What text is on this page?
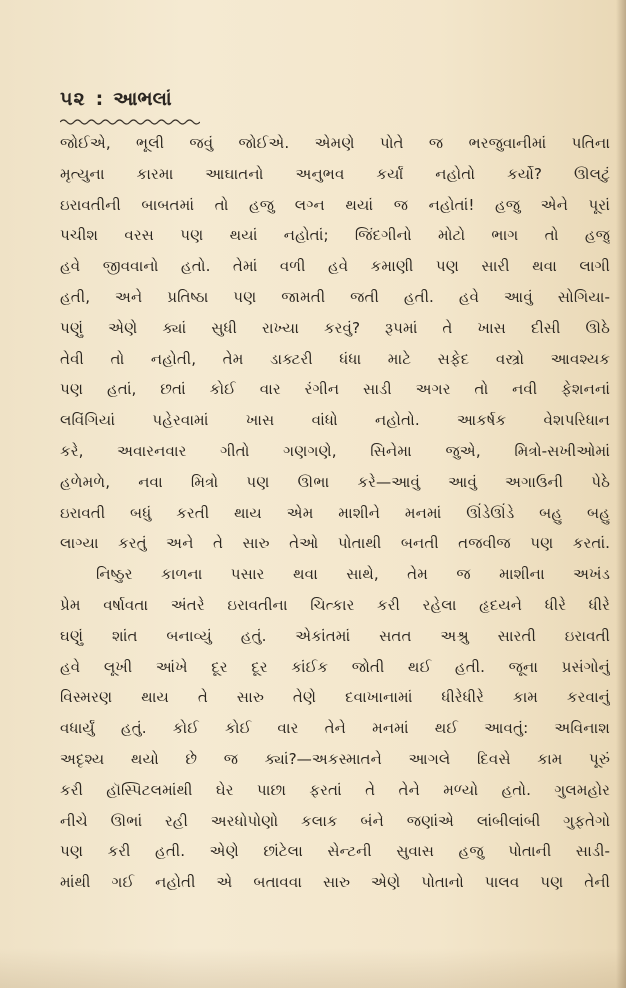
૫૨ : આભલાં
જોઈએ, ભૂલી જવું જોઈએ. એમણે પોતે જ ભરજુવાનીમાં પતિના
મૃત્યુના કારમા આઘાતનો અનુભવ કર્યાં નહોતો કર્યો? ઊલટું
ઇરાવતીની બાબતમાં તો હજુ લગ્ન થયાં જ નહોતાં! હજુ એને પૂરાં
પચીશ વરસ પણ થયાં નહોતાં; જિંદગીનો મોટો ભાગ તો હજુ
હવે જીવવાનો હતો. તેમાં વળી હવે કમાણી પણ સારી થવા લાગી
હતી, અને પ્રતિષ્ઠા પણ જામતી જતી હતી. હવે આવું સોગિયા-
પણું એણે ક્યાં સુધી રાખ્યા કરવું? રૂપમાં તે ખાસ દીસી ઊઠે
તેવી તો નહોતી, તેમ ડાક્ટરી ધંધા માટે સફેદ વસ્ત્રો આવશ્યક
પણ હતાં, છતાં કોઈ વાર રંગીન સાડી અગર તો નવી ફેશનનાં
લવિંગિયાં પહેરવામાં ખાસ વાંધો નહોતો. આકર્ષક વેશપરિધાન
કરે, અવારનવાર ગીતો ગણગણે, સિનેમા જુએ, મિત્રો-સખીઓમાં
હળેમળે, નવા મિત્રો પણ ઊભા કરે—આવું આવું અગાઉની પેઠે
ઇરાવતી બધું કરતી થાય એમ માશીને મનમાં ઊંડેઊંડે બહુ બહુ
લાગ્યા કરતું અને તે સારુ તેઓ પોતાથી બનતી તજવીજ પણ કરતાં.
નિષ્ઠુર કાળના પસાર થવા સાથે, તેમ જ માશીના અખંડ
પ્રેમ વર્ષાવતા અંતરે ઇરાવતીના ચિત્કાર કરી રહેલા હૃદયને ધીરે ધીરે
ઘણું શાંત બનાવ્યું હતું. એકાંતમાં સતત અશ્રુ સારતી ઇરાવતી
હવે લૂખી આંખે દૂર દૂર કાંઈક જોતી થઈ હતી. જૂના પ્રસંગોનું
વિસ્મરણ થાય તે સારુ તેણે દવાખાનામાં ધીરેધીરે કામ કરવાનું
વધાર્યું હતું. કોઈ કોઈ વાર તેને મનમાં થઈ આવતું: અવિનાશ
અદૃશ્ય થયો છે જ ક્યાં?—અકસ્માતને આગલે દિવસે કામ પૂરું
કરી હૉસ્પિટલમાંથી ઘેર પાછા ફરતાં તે તેને મળ્યો હતો. ગુલમહોર
નીચે ઊભાં રહી અરધોપોણો કલાક બંને જણાંએ લાંબીલાંબી ગુફતેગો
પણ કરી હતી. એણે છાંટેલા સેન્ટની સુવાસ હજુ પોતાની સાડી-
માંથી ગઈ નહોતી એ બતાવવા સારુ એણે પોતાનો પાલવ પણ તેની
